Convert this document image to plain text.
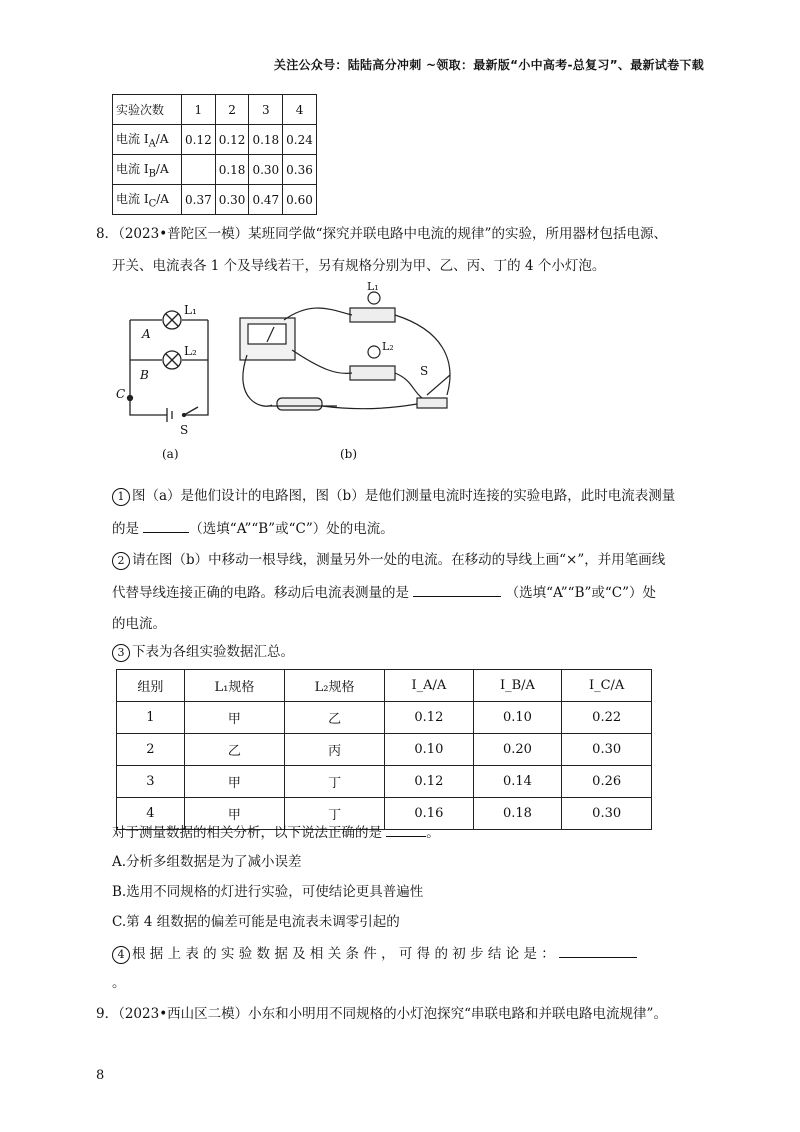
关注公众号：陆陆高分冲刺 ~领取：最新版“小中高考-总复习”、最新试卷下载
实验次数	1	2	3	4
电流 $I_A/A$	0.12	0.12	0.18	0.24
电流 $I_B/A$		0.18	0.30	0.36
电流 $I_C/A$	0.37	0.30	0.47	0.60
8．（2023•普陀区一模）某班同学做“探究并联电路中电流的规律”的实验，所用器材包括电源、
开关、电流表各 1 个及导线若干，另有规格分别为甲、乙、丙、丁的 4 个小灯泡。
L₁
L₂
A
B
C
S
(a)
L₁
L₂
S
(b)
1 图（a）是他们设计的电路图，图（b）是他们测量电流时连接的实验电路，此时电流表测量
的是	（选填“A”“B”或“C”）处的电流。
2 请在图（b）中移动一根导线，测量另外一处的电流。在移动的导线上画“×”，并用笔画线
代替导线连接正确的电路。移动后电流表测量的是	（选填“A”“B”或“C”）处
的电流。
3 下表为各组实验数据汇总。
组别	L₁规格	L₂规格	I_A/A	I_B/A	I_C/A
1	甲	乙	0.12	0.10	0.22
2	乙	丙	0.10	0.20	0.30
3	甲	丁	0.12	0.14	0.26
4	甲	丁	0.16	0.18	0.30
对于测量数据的相关分析，以下说法正确的是	。
A.分析多组数据是为了减小误差
B.选用不同规格的灯进行实验，可使结论更具普遍性
C.第 4 组数据的偏差可能是电流表未调零引起的
4 根 据 上 表 的 实 验 数 据 及 相 关 条 件 ， 可 得 的 初 步 结 论 是 ：
。
9．（2023•西山区二模）小东和小明用不同规格的小灯泡探究“串联电路和并联电路电流规律”。
8
